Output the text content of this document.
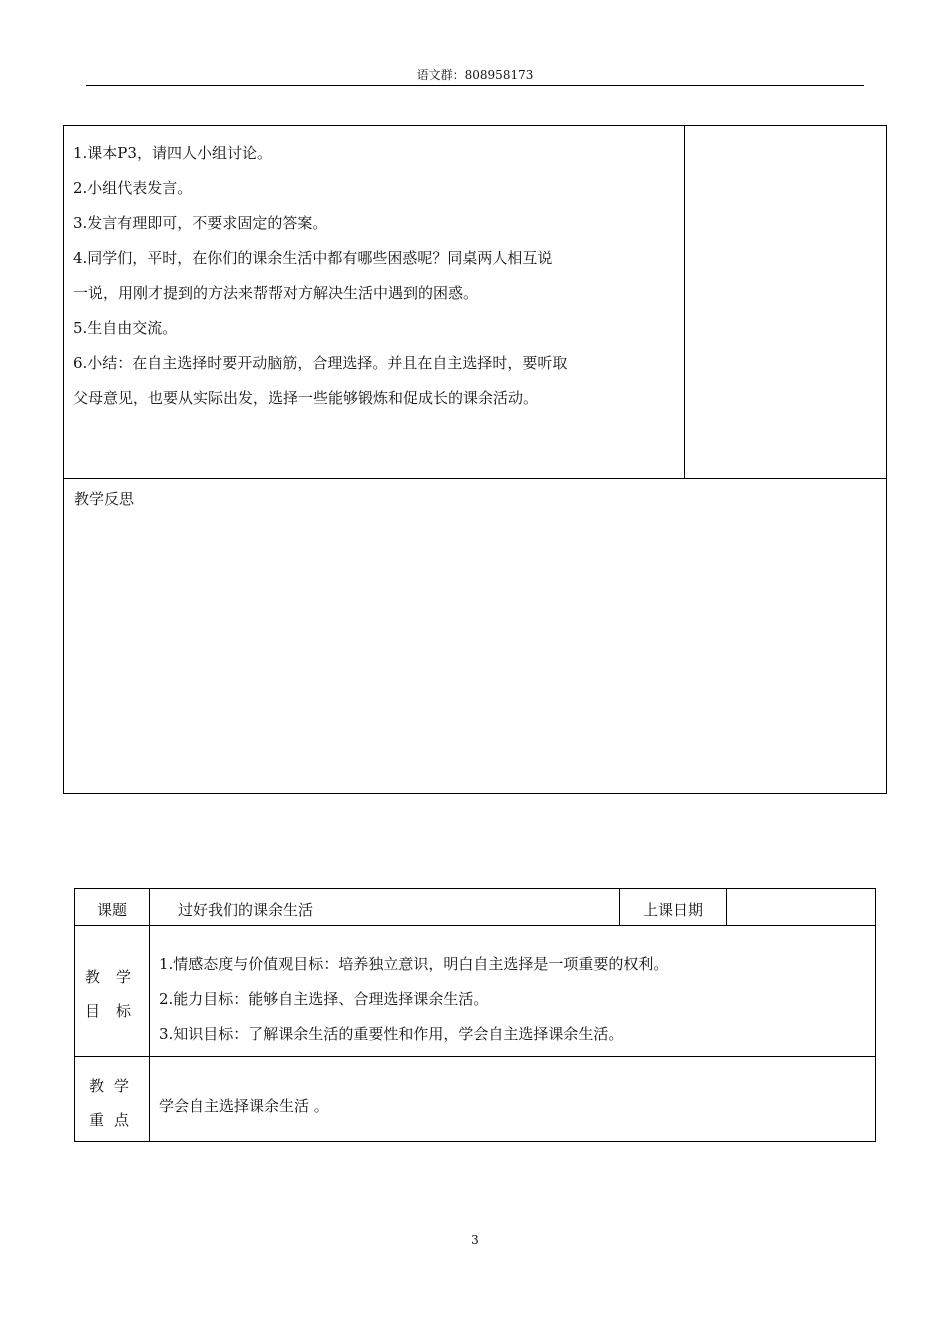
语文群：808958173
1.课本P3，请四人小组讨论。
2.小组代表发言。
3.发言有理即可，不要求固定的答案。
4.同学们，平时，在你们的课余生活中都有哪些困惑呢？同桌两人相互说
一说，用刚才提到的方法来帮帮对方解决生活中遇到的困惑。
5.生自由交流。
6.小结：在自主选择时要开动脑筋，合理选择。并且在自主选择时，要听取
父母意见，也要从实际出发，选择一些能够锻炼和促成长的课余活动。
教学反思
课题	过好我们的课余生活	上课日期
教学
目标
1.情感态度与价值观目标：培养独立意识，明白自主选择是一项重要的权利。
2.能力目标：能够自主选择、合理选择课余生活。
3.知识目标：了解课余生活的重要性和作用，学会自主选择课余生活。
教学
重点
学会自主选择课余生活 。
3
